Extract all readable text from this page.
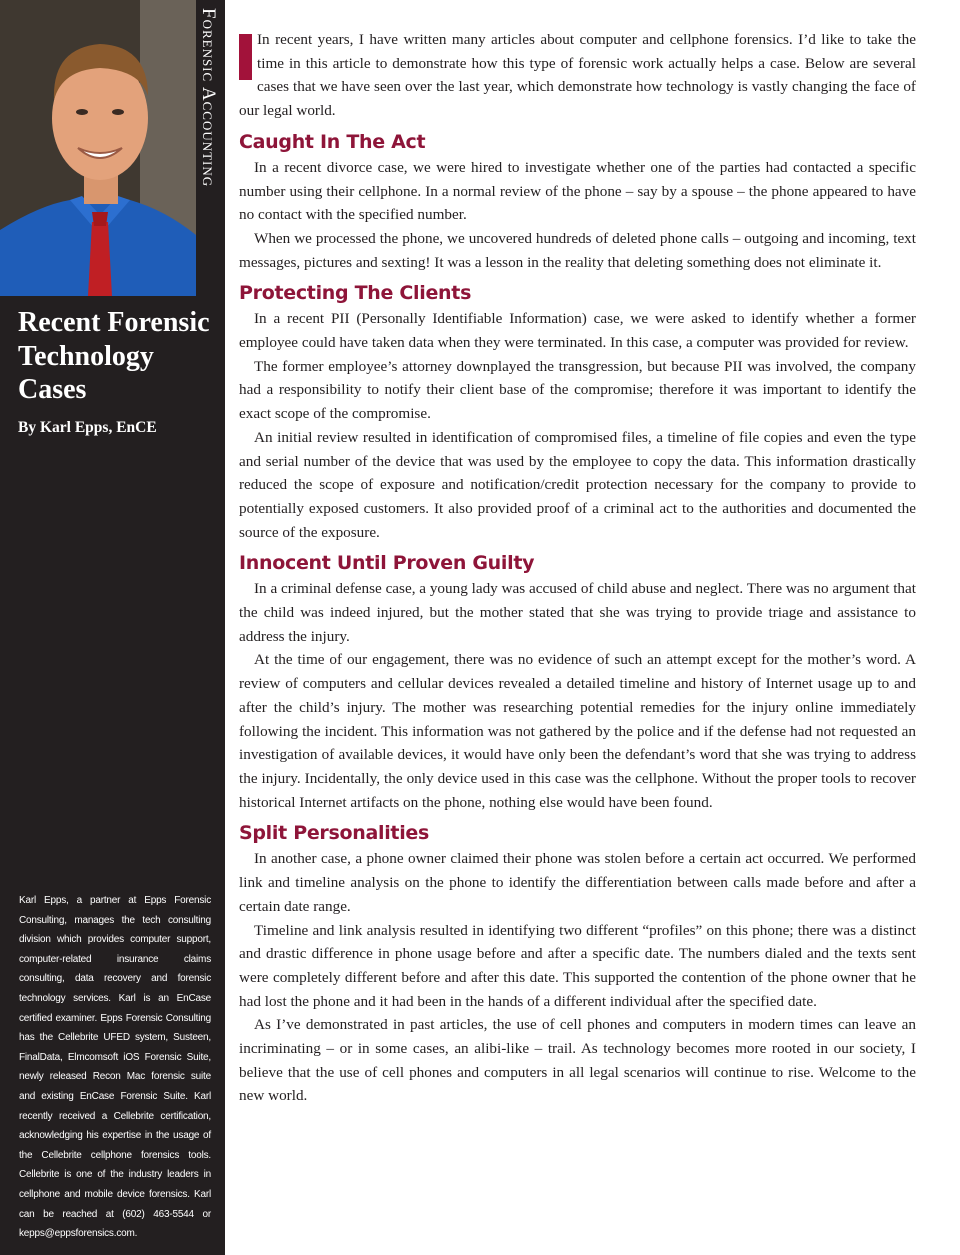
Forensic Accounting
Recent Forensic Technology Cases
By Karl Epps, EnCE
Karl Epps, a partner at Epps Forensic Consulting, manages the tech consulting division which provides computer support, computer-related insurance claims consulting, data recovery and forensic technology services. Karl is an EnCase certified examiner. Epps Forensic Consulting has the Cellebrite UFED system, Susteen, FinalData, Elmcomsoft iOS Forensic Suite, newly released Recon Mac forensic suite and existing EnCase Forensic Suite. Karl recently received a Cellebrite certification, acknowledging his expertise in the usage of the Cellebrite cellphone forensics tools. Cellebrite is one of the industry leaders in cellphone and mobile device forensics. Karl can be reached at (602) 463-5544 or kepps@eppsforensics.com.

In recent years, I have written many articles about computer and cellphone forensics. I’d like to take the time in this article to demonstrate how this type of forensic work actually helps a case. Below are several cases that we have seen over the last year, which demonstrate how technology is vastly changing the face of our legal world.

Caught In The Act

In a recent divorce case, we were hired to investigate whether one of the parties had contacted a specific number using their cellphone. In a normal review of the phone – say by a spouse – the phone appeared to have no contact with the specified number.

When we processed the phone, we uncovered hundreds of deleted phone calls – outgoing and incoming, text messages, pictures and sexting! It was a lesson in the reality that deleting something does not eliminate it.

Protecting The Clients

In a recent PII (Personally Identifiable Information) case, we were asked to identify whether a former employee could have taken data when they were terminated. In this case, a computer was provided for review.

The former employee’s attorney downplayed the transgression, but because PII was involved, the company had a responsibility to notify their client base of the compromise; therefore it was important to identify the exact scope of the compromise.

An initial review resulted in identification of compromised files, a timeline of file copies and even the type and serial number of the device that was used by the employee to copy the data. This information drastically reduced the scope of exposure and notification/credit protection necessary for the company to provide to potentially exposed customers. It also provided proof of a criminal act to the authorities and documented the source of the exposure.

Innocent Until Proven Guilty

In a criminal defense case, a young lady was accused of child abuse and neglect. There was no argument that the child was indeed injured, but the mother stated that she was trying to provide triage and assistance to address the injury.

At the time of our engagement, there was no evidence of such an attempt except for the mother’s word. A review of computers and cellular devices revealed a detailed timeline and history of Internet usage up to and after the child’s injury. The mother was researching potential remedies for the injury online immediately following the incident. This information was not gathered by the police and if the defense had not requested an investigation of available devices, it would have only been the defendant’s word that she was trying to address the injury. Incidentally, the only device used in this case was the cellphone. Without the proper tools to recover historical Internet artifacts on the phone, nothing else would have been found.

Split Personalities

In another case, a phone owner claimed their phone was stolen before a certain act occurred. We performed link and timeline analysis on the phone to identify the differentiation between calls made before and after a certain date range.

Timeline and link analysis resulted in identifying two different “profiles” on this phone; there was a distinct and drastic difference in phone usage before and after a specific date. The numbers dialed and the texts sent were completely different before and after this date. This supported the contention of the phone owner that he had lost the phone and it had been in the hands of a different individual after the specified date.

As I’ve demonstrated in past articles, the use of cell phones and computers in modern times can leave an incriminating – or in some cases, an alibi-like – trail. As technology becomes more rooted in our society, I believe that the use of cell phones and computers in all legal scenarios will continue to rise. Welcome to the new world.
